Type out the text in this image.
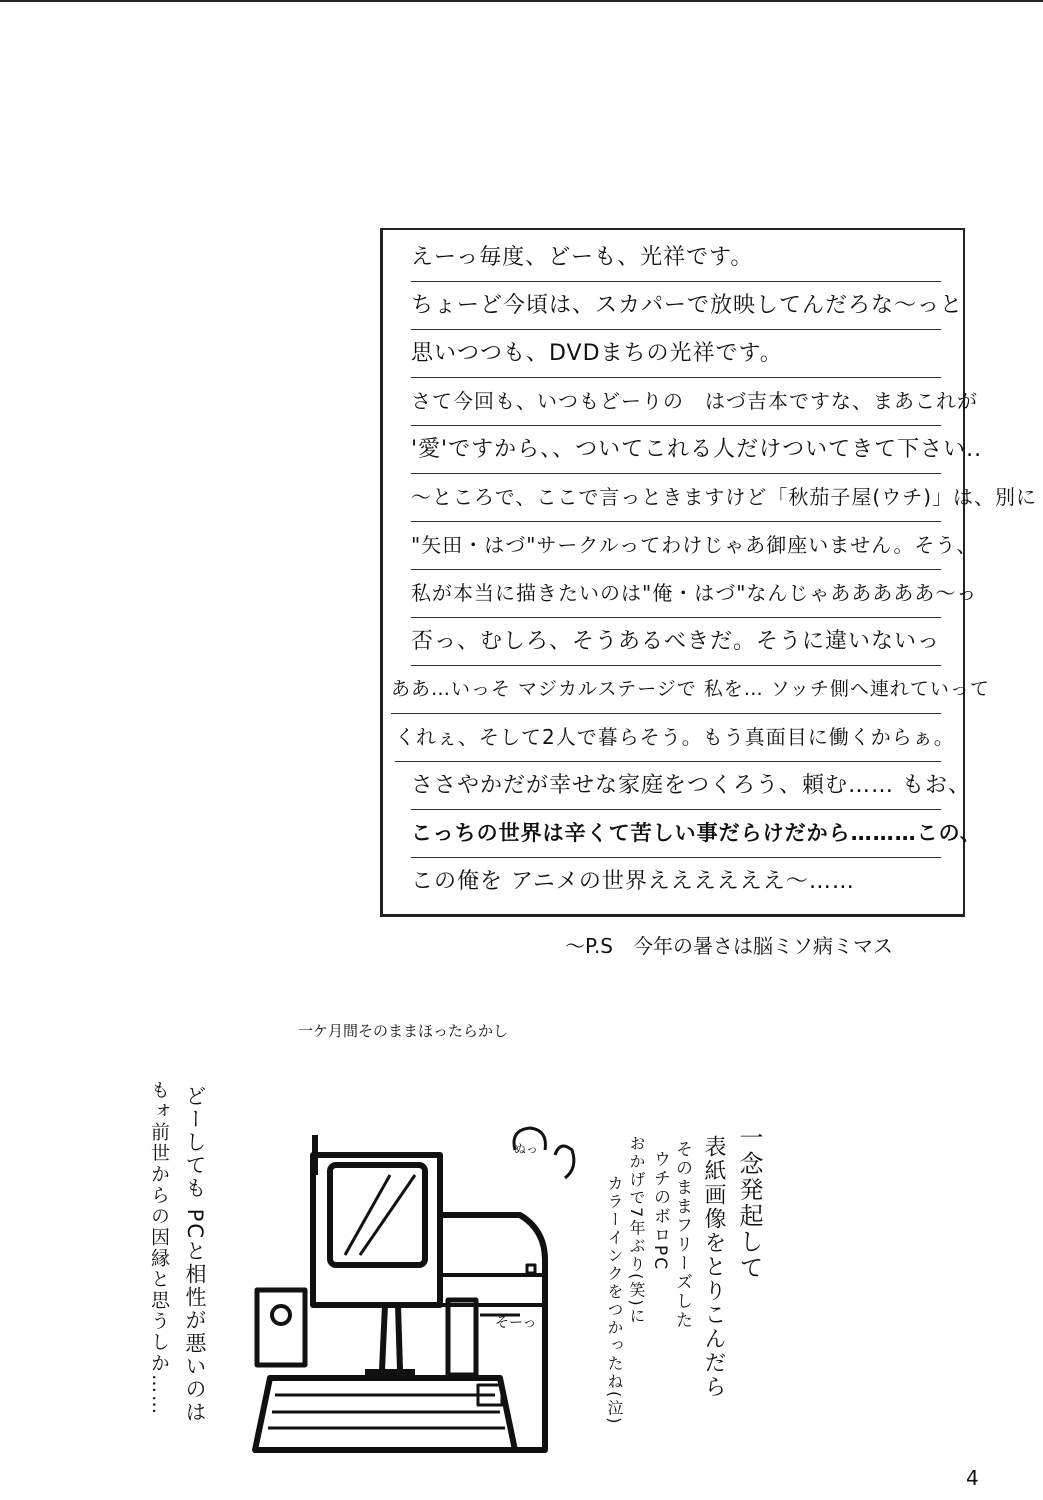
えーっ毎度、どーも、光祥です。
ちょーど今頃は、スカパーで放映してんだろな〜っと
思いつつも、DVDまちの光祥です。
さて今回も、いつもどーりの　はづ吉本ですな、まあこれが
'愛'ですから、、ついてこれる人だけついてきて下さい..
〜ところで、ここで言っときますけど「秋茄子屋(ウチ)」は、別に
"矢田・はづ"サークルってわけじゃあ御座いません。そう、
私が本当に描きたいのは"俺・はづ"なんじゃあああああ〜っ
否っ、むしろ、そうあるべきだ。そうに違いないっ
ああ…いっそ マジカルステージで 私を… ソッチ側へ連れていって
くれぇ、そして2人で暮らそう。もう真面目に働くからぁ。
ささやかだが幸せな家庭をつくろう、頼む…… もお、
こっちの世界は辛くて苦しい事だらけだから………この、
この俺を アニメの世界ええええええ〜……
〜P.S　今年の暑さは脳ミソ病ミマス
一ケ月間そのままほったらかし
一念発起して
表紙画像をとりこんだら
そのままフリーズした
ウチのボロPC
おかげで7年ぶり(笑)に
カラーインクをつかったね(泣)
どーしても PCと相性が悪いのは
もォ前世からの因縁と思うしか……	ぬっ
そーっ
4
